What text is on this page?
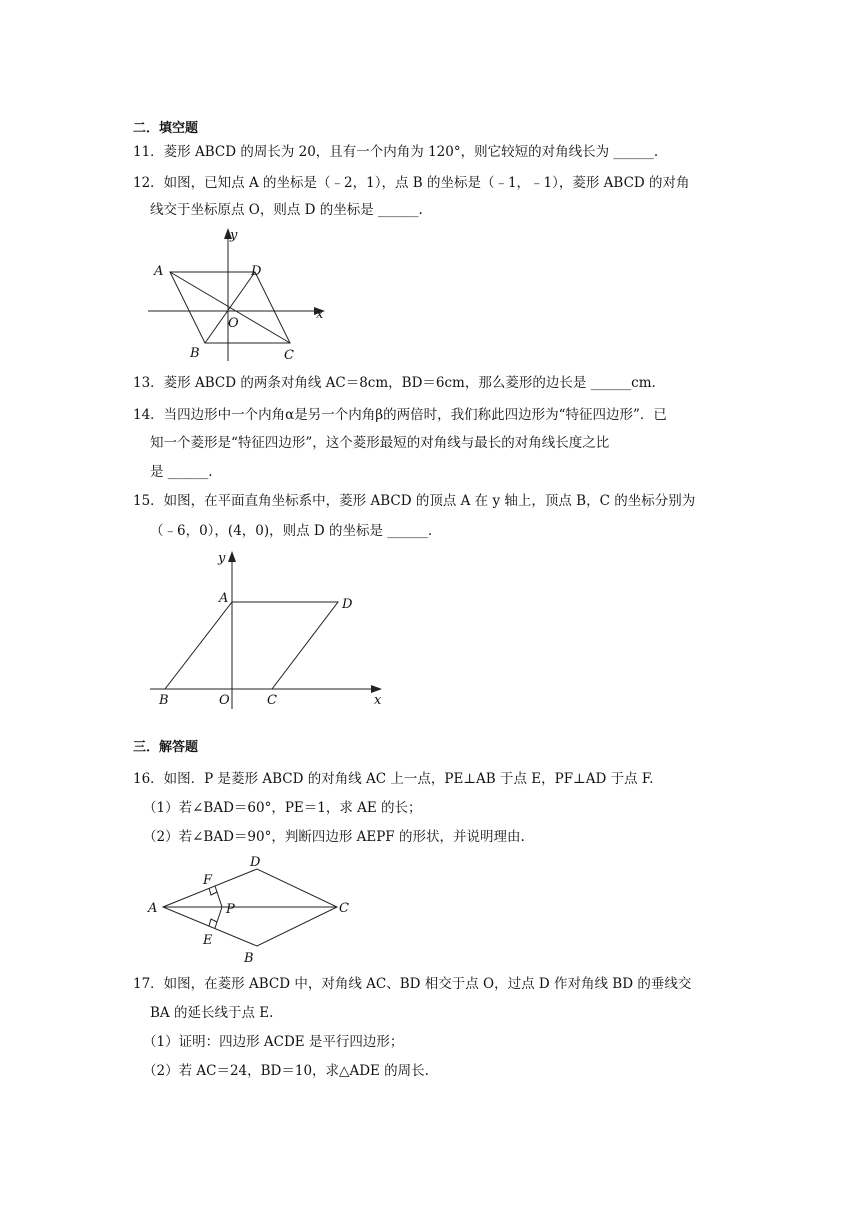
二．填空题
11．菱形 ABCD 的周长为 20，且有一个内角为 120°，则它较短的对角线长为 ______.
12．如图，已知点 A 的坐标是（﹣2，1），点 B 的坐标是（﹣1，﹣1），菱形 ABCD 的对角
线交于坐标原点 O，则点 D 的坐标是 ______.
A	D
B	C
O
x
y
13．菱形 ABCD 的两条对角线 AC＝8cm，BD＝6cm，那么菱形的边长是 ______cm.
14．当四边形中一个内角α是另一个内角β的两倍时，我们称此四边形为“特征四边形”．已
知一个菱形是“特征四边形”，这个菱形最短的对角线与最长的对角线长度之比
是 ______.
15．如图，在平面直角坐标系中，菱形 ABCD 的顶点 A 在 y 轴上，顶点 B，C 的坐标分别为
（﹣6，0），(4，0)，则点 D 的坐标是 ______.
A	D
B	C
O	x
y
三．解答题
16．如图．P 是菱形 ABCD 的对角线 AC 上一点，PE⊥AB 于点 E，PF⊥AD 于点 F.
（1）若∠BAD＝60°，PE＝1，求 AE 的长；
（2）若∠BAD＝90°，判断四边形 AEPF 的形状，并说明理由.
A
D
C
B
F
E
P
17．如图，在菱形 ABCD 中，对角线 AC、BD 相交于点 O，过点 D 作对角线 BD 的垂线交
BA 的延长线于点 E.
（1）证明：四边形 ACDE 是平行四边形；
（2）若 AC＝24，BD＝10，求△ADE 的周长.
